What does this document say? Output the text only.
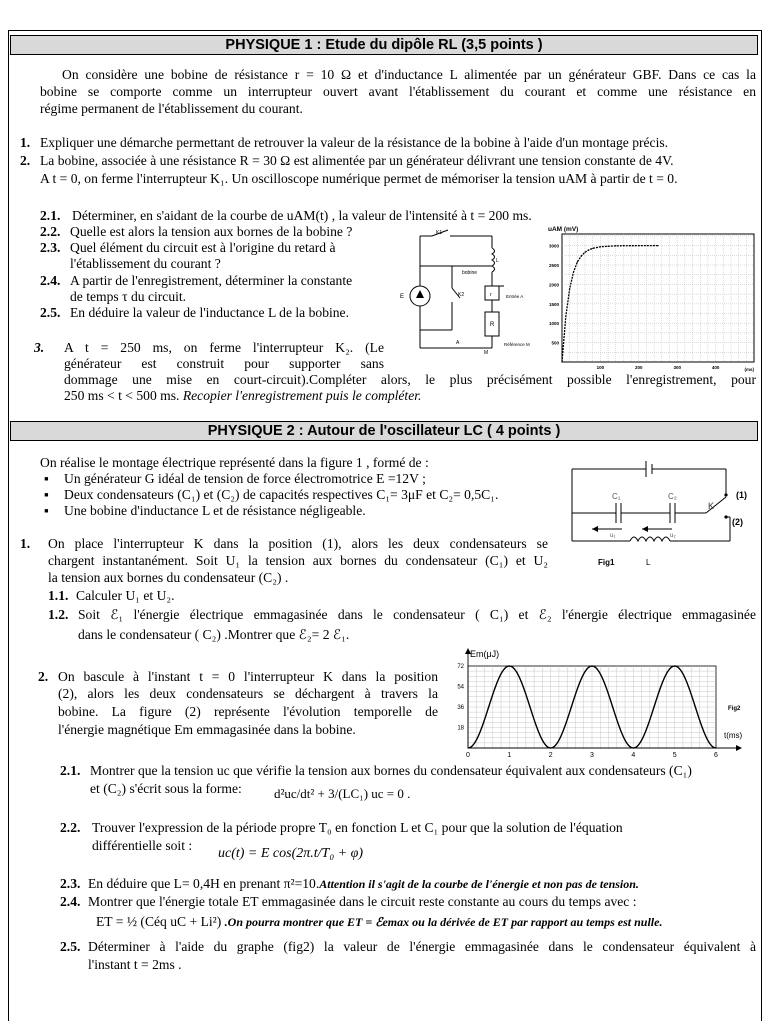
PHYSIQUE 1 : Etude du dipôle RL (3,5 points )
On considère une bobine de résistance r = 10 Ω et d'inductance L alimentée par un générateur GBF. Dans ce cas la
bobine se comporte comme un interrupteur ouvert avant l'établissement du courant et comme une résistance en
régime permanent de l'établissement du courant.
1. Expliquer une démarche permettant de retrouver la valeur de la résistance de la bobine à l'aide d'un montage précis.
2. La bobine, associée à une résistance R = 30 Ω est alimentée par un générateur délivrant une tension constante de 4V.
A t = 0, on ferme l'interrupteur K₁. Un oscilloscope numérique permet de mémoriser la tension uAM à partir de t = 0.
2.1. Déterminer, en s'aidant de la courbe de uAM(t) , la valeur de l'intensité à t = 200 ms.
2.2. Quelle est alors la tension aux bornes de la bobine ?
2.3. Quel élément du circuit est à l'origine du retard à
l'établissement du courant ?
2.4. A partir de l'enregistrement, déterminer la constante
de temps τ du circuit.
2.5. En déduire la valeur de l'inductance L de la bobine.
3. A t = 250 ms, on ferme l'interrupteur K₂. (Le
générateur est construit pour supporter sans
dommage une mise en court-circuit).Compléter alors, le plus précisément possible l'enregistrement, pour
250 ms < t < 500 ms. Recopier l'enregistrement puis le compléter.
K1
L
bobine
r
E	K2	Entrée A
R
Référence M
M
A	500
1000
1500
2000
2500
3000
100	200	300	400	(ms)
uAM (mV)
PHYSIQUE 2 : Autour de l'oscillateur LC ( 4 points )
On réalise le montage électrique représenté dans la figure 1 , formé de :
▪ Un générateur G idéal de tension de force électromotrice E =12V ;
▪ Deux condensateurs (C₁) et (C₂) de capacités respectives C₁= 3μF et C₂= 0,5C₁.
▪ Une bobine d'inductance L et de résistance négligeable.
C₁	C₂
K
(1)
(2)
u₁	u₂
Fig1	L
1. On place l'interrupteur K dans la position (1), alors les deux condensateurs se
chargent instantanément. Soit U₁ la tension aux bornes du condensateur (C₁) et U₂
la tension aux bornes du condensateur (C₂) .
1.1. Calculer U₁ et U₂.
1.2. Soit ℰ₁ l'énergie électrique emmagasinée dans le condensateur ( C₁) et ℰ₂ l'énergie électrique emmagasinée
dans le condensateur ( C₂) .Montrer que ℰ₂= 2 ℰ₁.
2. On bascule à l'instant t = 0 l'interrupteur K dans la position
(2), alors les deux condensateurs se déchargent à travers la
bobine. La figure (2) représente l'évolution temporelle de
l'énergie magnétique Em emmagasinée dans la bobine.	18
36
54
72
0	1	2	3	4	5	6
Em(μJ)
t(ms)
Fig2
2.1. Montrer que la tension uc que vérifie la tension aux bornes du condensateur équivalent aux condensateurs (C₁)
et (C₂) s'écrit sous la forme: d²uc/dt² + 3/(LC₁) uc = 0 .
2.2. Trouver l'expression de la période propre T₀ en fonction L et C₁ pour que la solution de l'équation
différentielle soit :
uc(t) = E cos(2π.t/T₀ + φ)
2.3. En déduire que L= 0,4H en prenant π²=10.Attention il s'agit de la courbe de l'énergie et non pas de tension.
2.4. Montrer que l'énergie totale ET emmagasinée dans le circuit reste constante au cours du temps avec :
ET = ½ (Céq uC + Li²) .On pourra montrer que ET = ℰemax ou la dérivée de ET par rapport au temps est nulle.
2.5. Déterminer à l'aide du graphe (fig2) la valeur de l'énergie emmagasinée dans le condensateur équivalent à
l'instant t = 2ms .
